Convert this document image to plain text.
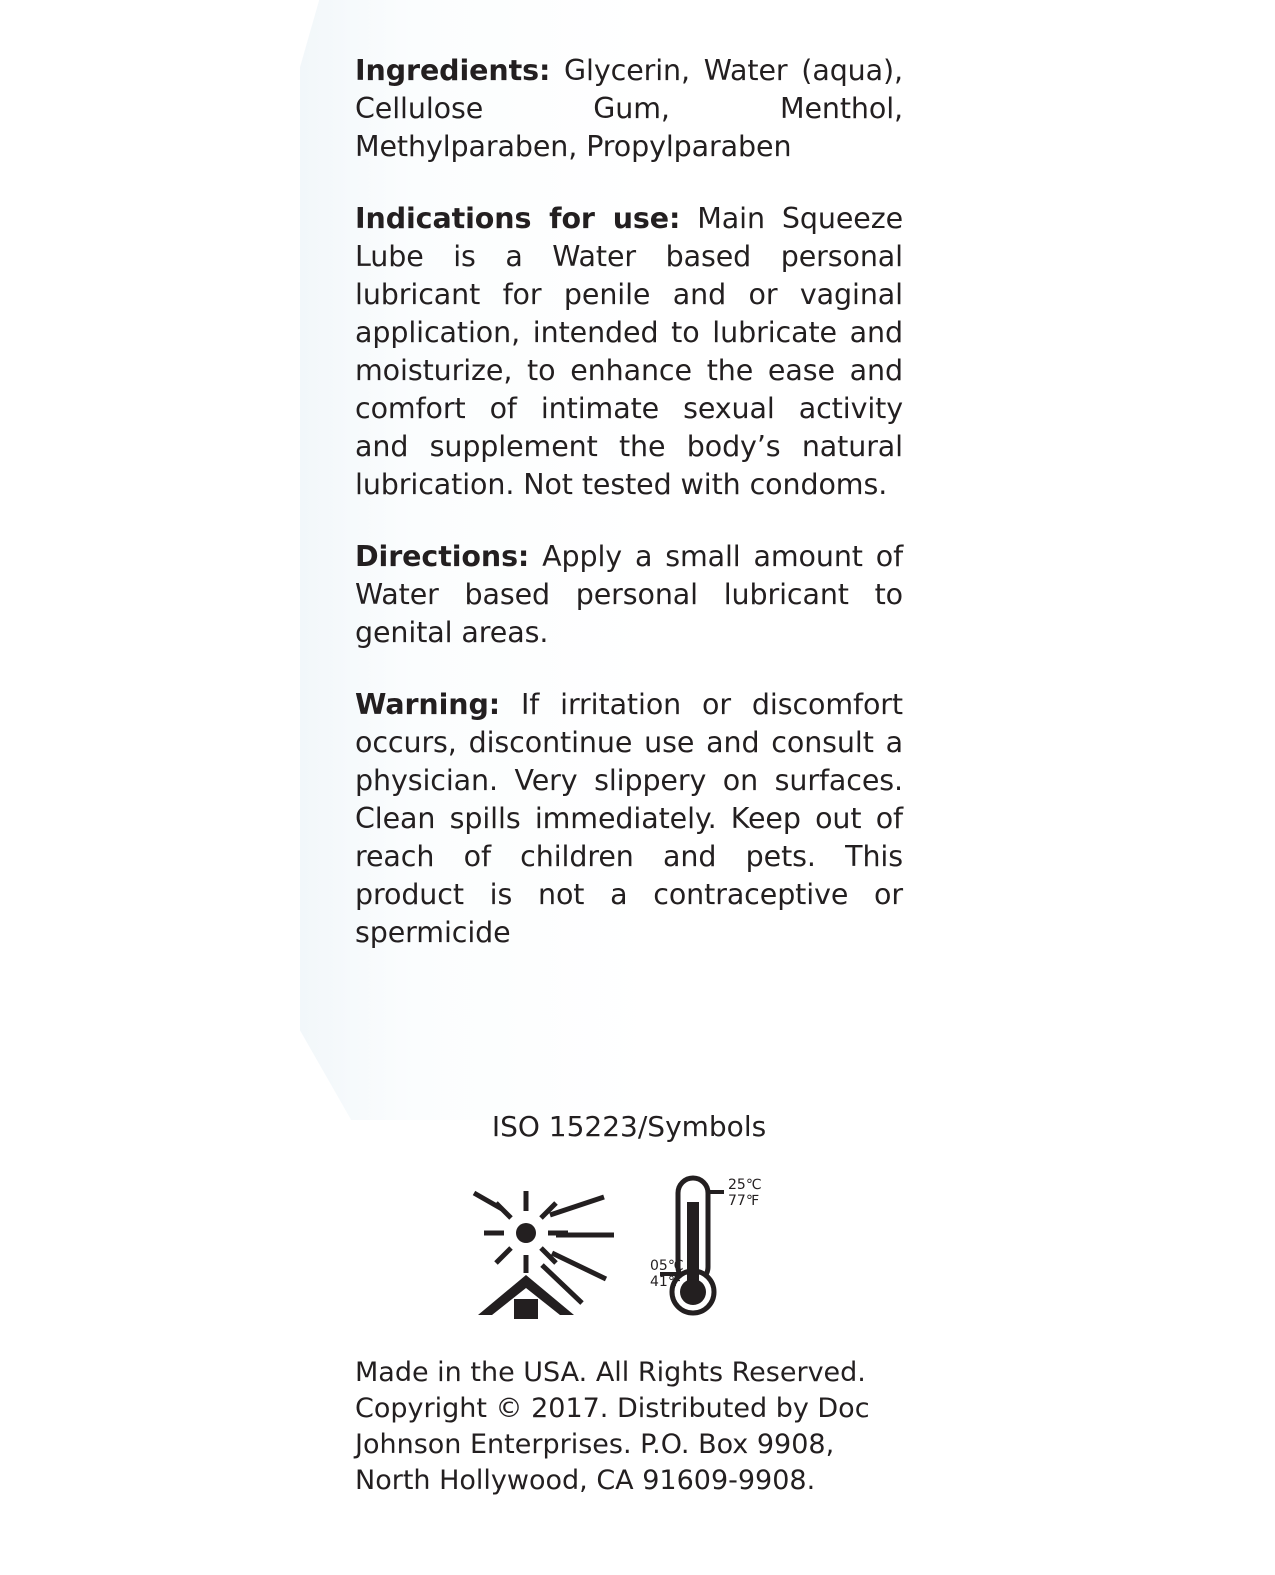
Ingredients: Glycerin, Water (aqua), Cellulose Gum, Menthol, Methylparaben, Propylparaben

Indications for use: Main Squeeze Lube is a Water based personal lubricant for penile and or vaginal application, intended to lubricate and moisturize, to enhance the ease and comfort of intimate sexual activity and supplement the body’s natural lubrication. Not tested with condoms.

Directions: Apply a small amount of Water based personal lubricant to genital areas.

Warning: If irritation or discomfort occurs, discontinue use and consult a physician. Very slippery on surfaces. Clean spills immediately. Keep out of reach of children and pets. This product is not a contraceptive or spermicide

ISO 15223/Symbols

25℃
77℉
05℃
41℉

Made in the USA. All Rights Reserved.

Copyright © 2017. Distributed by Doc

Johnson Enterprises. P.O. Box 9908,

North Hollywood, CA 91609-9908.
